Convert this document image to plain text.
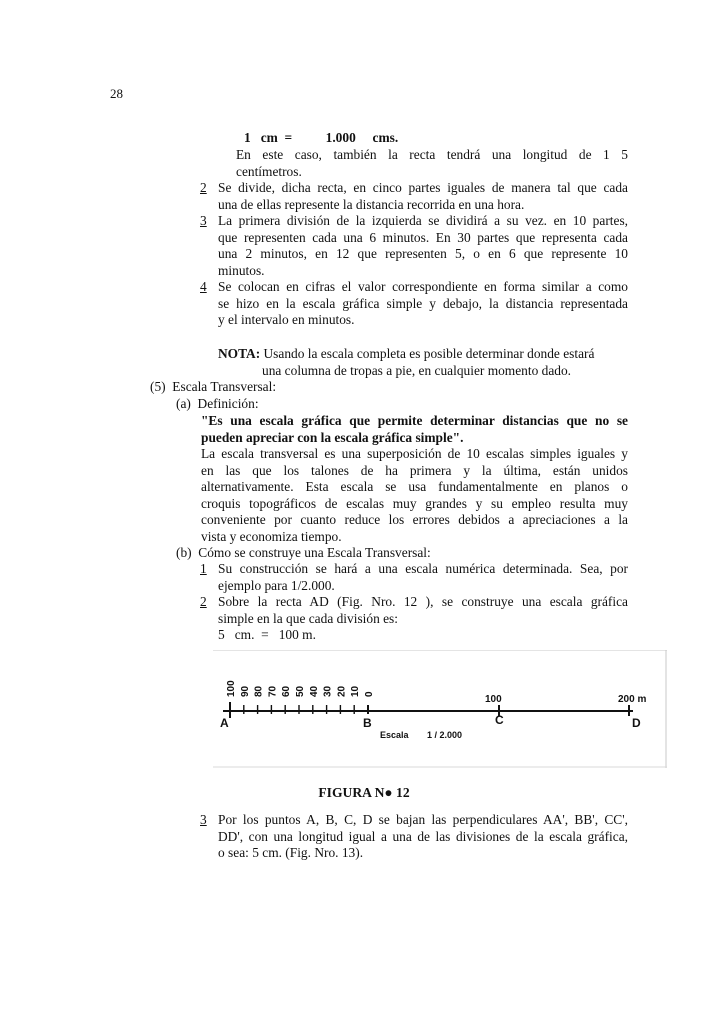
28
1   cm  =          1.000     cms.
En este caso, también la recta tendrá una longitud de 1 5
centímetros.
2 Se divide, dicha recta, en cinco partes iguales de manera tal que cada
una de ellas represente la distancia recorrida en una hora.
3 La primera división de la izquierda se dividirá a su vez. en 10 partes,
que representen cada una 6 minutos. En 30 partes que representa cada
una 2 minutos, en 12 que representen 5, o en 6 que represente 10
minutos.
4 Se colocan en cifras el valor correspondiente en forma similar a como
se hizo en la escala gráfica simple y debajo, la distancia representada
y el intervalo en minutos.
NOTA: Usando la escala completa es posible determinar donde estará
una columna de tropas a pie, en cualquier momento dado.
(5)  Escala Transversal:
(a)  Definición:
"Es una escala gráfica que permite determinar distancias que no se
pueden apreciar con la escala gráfica simple".
La escala transversal es una superposición de 10 escalas simples iguales y
en las que los talones de ha primera y la última, están unidos
alternativamente. Esta escala se usa fundamentalmente en planos o
croquis topográficos de escalas muy grandes y su empleo resulta muy
conveniente por cuanto reduce los errores debidos a apreciaciones a la
vista y economiza tiempo.
(b)  Cómo se construye una Escala Transversal:
1 Su construcción se hará a una escala numérica determinada. Sea, por
ejemplo para 1/2.000.
2 Sobre la recta AD (Fig. Nro. 12 ), se construye una escala gráfica
simple en la que cada división es:
5   cm.  =   100 m.
100 90 80 70 60 50 40 30 20 10 0	100	200 m
A	B	C	D
Escala 1 / 2.000
FIGURA N● 12
3 Por los puntos A, B, C, D se bajan las perpendiculares AA', BB', CC',
DD', con una longitud igual a una de las divisiones de la escala gráfica,
o sea: 5 cm. (Fig. Nro. 13).
